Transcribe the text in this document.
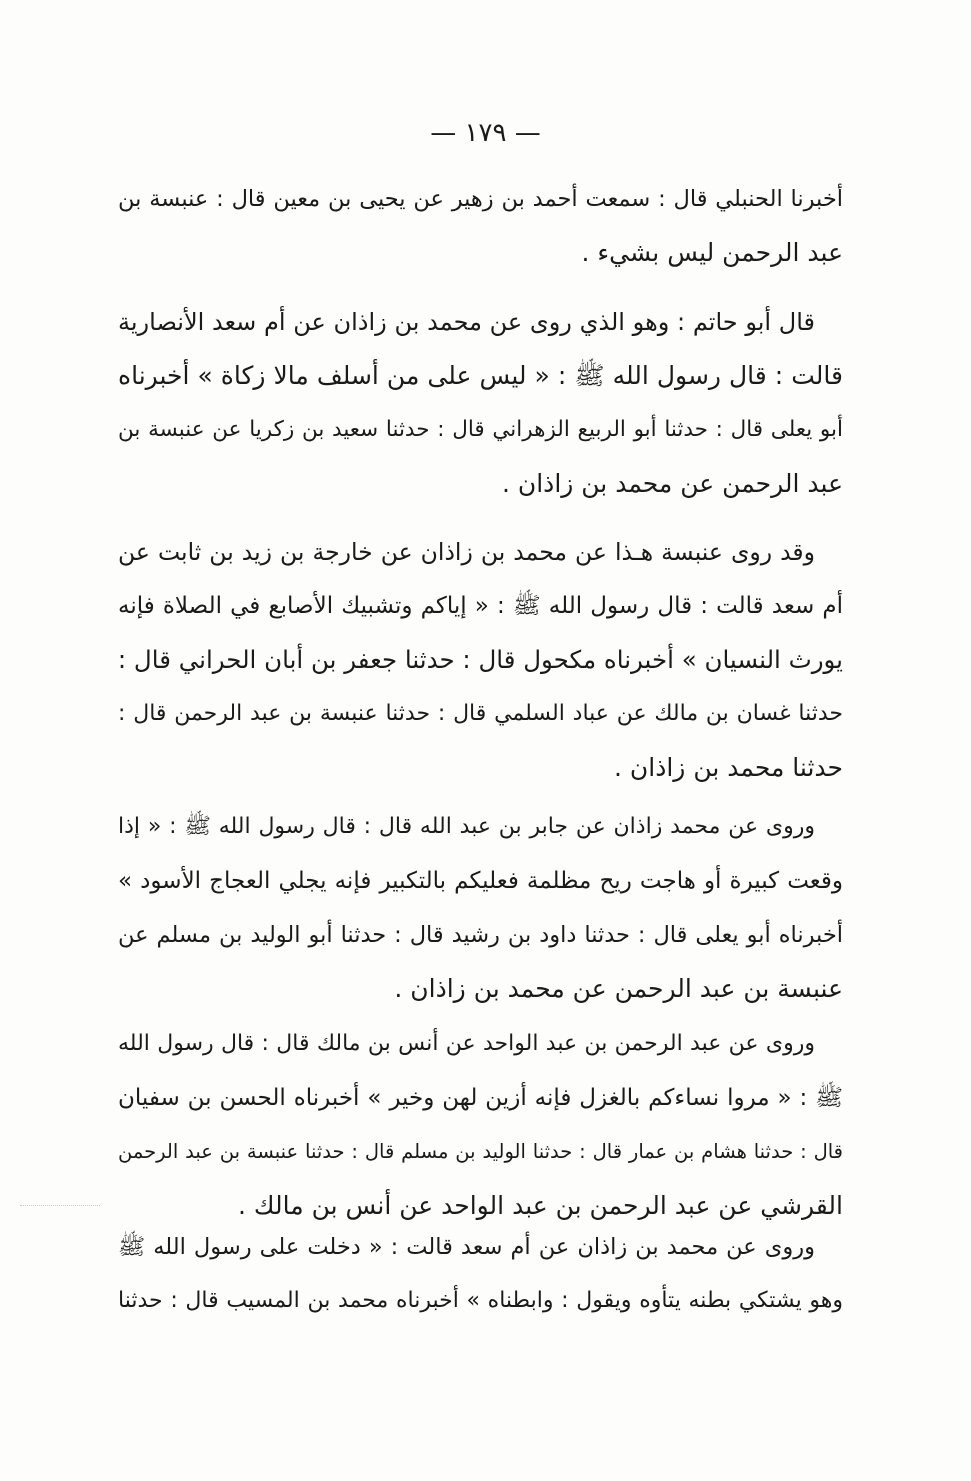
— ١٧٩ —
أخبرنا الحنبلي قال : سمعت أحمد بن زهير عن يحيى بن معين قال : عنبسة بن
عبد الرحمن ليس بشيء .
قال أبو حاتم : وهو الذي روى عن محمد بن زاذان عن أم سعد الأنصارية
قالت : قال رسول الله ﷺ : « ليس على من أسلف مالا زكاة » أخبرناه
أبو يعلى قال : حدثنا أبو الربيع الزهراني قال : حدثنا سعيد بن زكريا عن عنبسة بن
عبد الرحمن عن محمد بن زاذان .
وقد روى عنبسة هـذا عن محمد بن زاذان عن خارجة بن زيد بن ثابت عن
أم سعد قالت : قال رسول الله ﷺ : « إياكم وتشبيك الأصابع في الصلاة فإنه
يورث النسيان » أخبرناه مكحول قال : حدثنا جعفر بن أبان الحراني قال :
حدثنا غسان بن مالك عن عباد السلمي قال : حدثنا عنبسة بن عبد الرحمن قال :
حدثنا محمد بن زاذان .
وروى عن محمد زاذان عن جابر بن عبد الله قال : قال رسول الله ﷺ : « إذا
وقعت كبيرة أو هاجت ريح مظلمة فعليكم بالتكبير فإنه يجلي العجاج الأسود »
أخبرناه أبو يعلى قال : حدثنا داود بن رشيد قال : حدثنا أبو الوليد بن مسلم عن
عنبسة بن عبد الرحمن عن محمد بن زاذان .
وروى عن عبد الرحمن بن عبد الواحد عن أنس بن مالك قال : قال رسول الله
ﷺ : « مروا نساءكم بالغزل فإنه أزين لهن وخير » أخبرناه الحسن بن سفيان
قال : حدثنا هشام بن عمار قال : حدثنا الوليد بن مسلم قال : حدثنا عنبسة بن عبد الرحمن
القرشي عن عبد الرحمن بن عبد الواحد عن أنس بن مالك .
وروى عن محمد بن زاذان عن أم سعد قالت : « دخلت على رسول الله ﷺ
وهو يشتكي بطنه يتأوه ويقول : وابطناه » أخبرناه محمد بن المسيب قال : حدثنا
